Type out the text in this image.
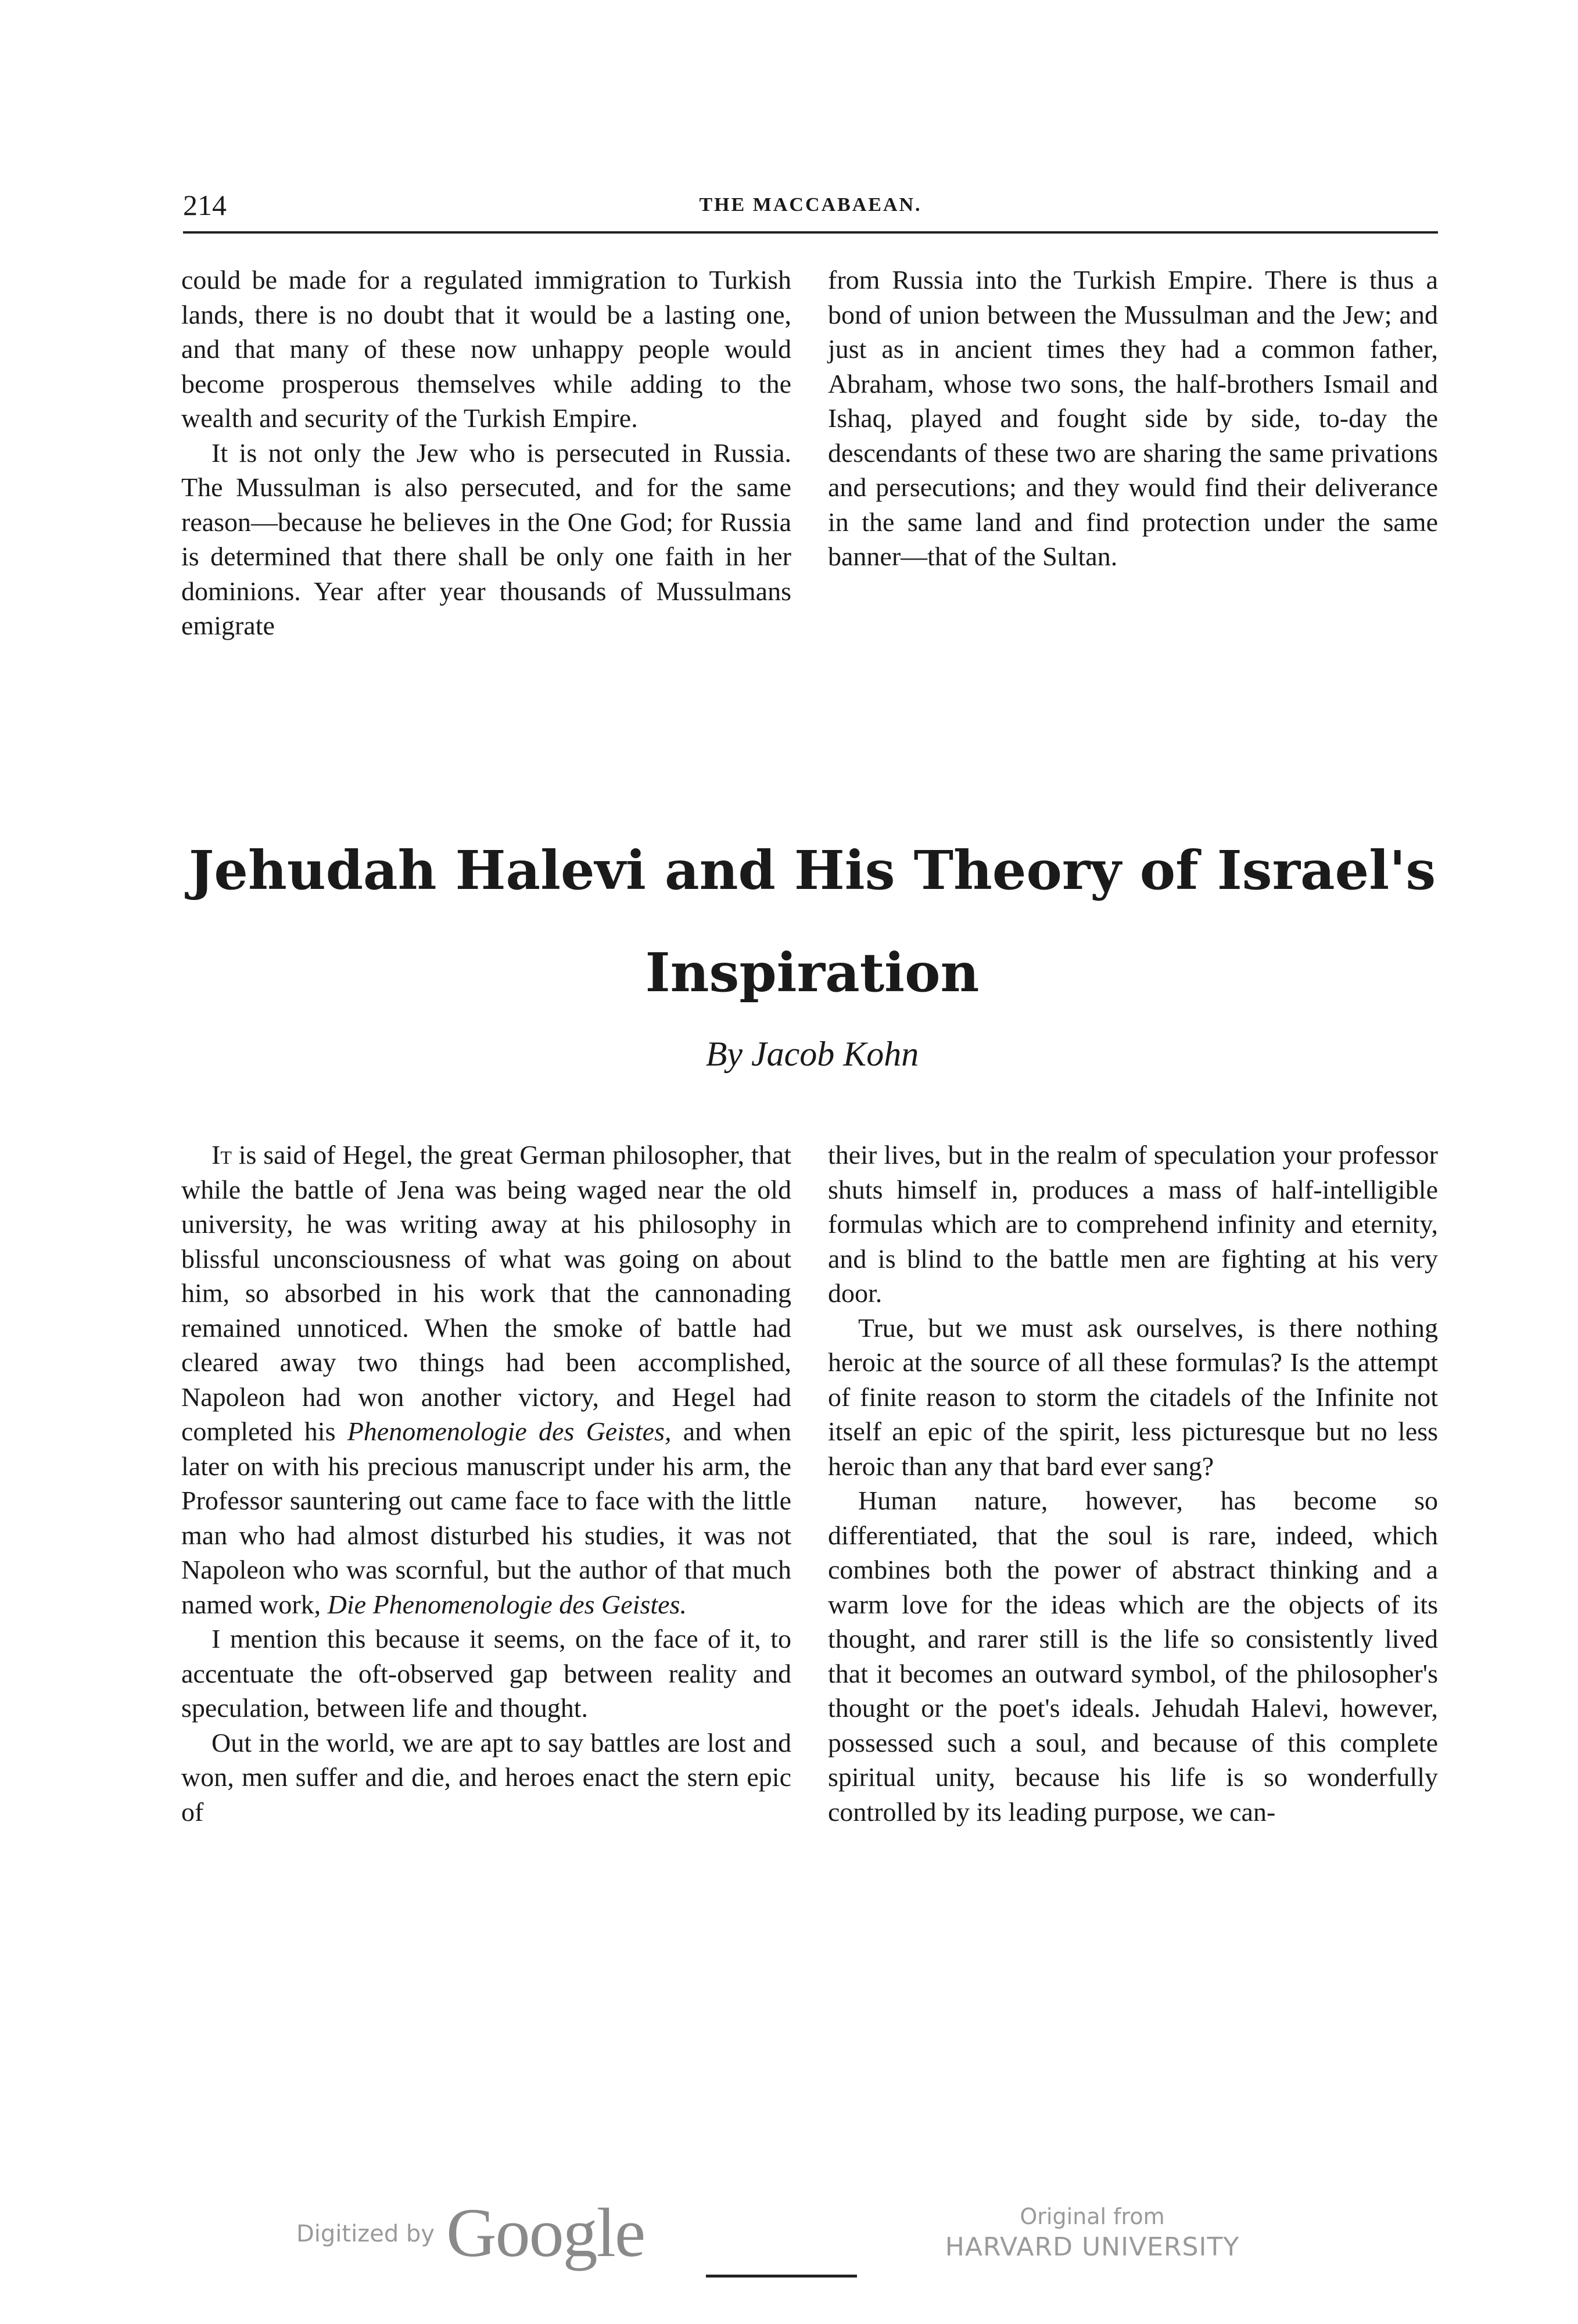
214	THE MACCABAEAN.

could be made for a regulated immigration to Turkish lands, there is no doubt that it would be a lasting one, and that many of these now unhappy people would become prosperous themselves while adding to the wealth and security of the Turkish Empire.

It is not only the Jew who is persecuted in Russia. The Mussulman is also persecuted, and for the same reason—because he believes in the One God; for Russia is determined that there shall be only one faith in her dominions. Year after year thousands of Mussulmans emigrate

from Russia into the Turkish Empire. There is thus a bond of union between the Mussulman and the Jew; and just as in ancient times they had a common father, Abraham, whose two sons, the half-brothers Ismail and Ishaq, played and fought side by side, to-day the descendants of these two are sharing the same privations and persecutions; and they would find their deliverance in the same land and find protection under the same banner—that of the Sultan.

Jehudah Halevi and His Theory of Israel's
Inspiration
By Jacob Kohn

It is said of Hegel, the great German philosopher, that while the battle of Jena was being waged near the old university, he was writing away at his philosophy in blissful unconsciousness of what was going on about him, so absorbed in his work that the cannonading remained unnoticed. When the smoke of battle had cleared away two things had been accomplished, Napoleon had won another victory, and Hegel had completed his Phenomenologie des Geistes, and when later on with his precious manuscript under his arm, the Professor sauntering out came face to face with the little man who had almost disturbed his studies, it was not Napoleon who was scornful, but the author of that much named work, Die Phenomenologie des Geistes.

I mention this because it seems, on the face of it, to accentuate the oft-observed gap between reality and speculation, between life and thought.

Out in the world, we are apt to say battles are lost and won, men suffer and die, and heroes enact the stern epic of

their lives, but in the realm of speculation your professor shuts himself in, produces a mass of half-intelligible formulas which are to comprehend infinity and eternity, and is blind to the battle men are fighting at his very door.

True, but we must ask ourselves, is there nothing heroic at the source of all these formulas? Is the attempt of finite reason to storm the citadels of the Infinite not itself an epic of the spirit, less picturesque but no less heroic than any that bard ever sang?

Human nature, however, has become so differentiated, that the soul is rare, indeed, which combines both the power of abstract thinking and a warm love for the ideas which are the objects of its thought, and rarer still is the life so consistently lived that it becomes an outward symbol, of the philosopher's thought or the poet's ideals. Jehudah Halevi, however, possessed such a soul, and because of this complete spiritual unity, because his life is so wonderfully controlled by its leading purpose, we can-

Digitized by Google	Original from
HARVARD UNIVERSITY
